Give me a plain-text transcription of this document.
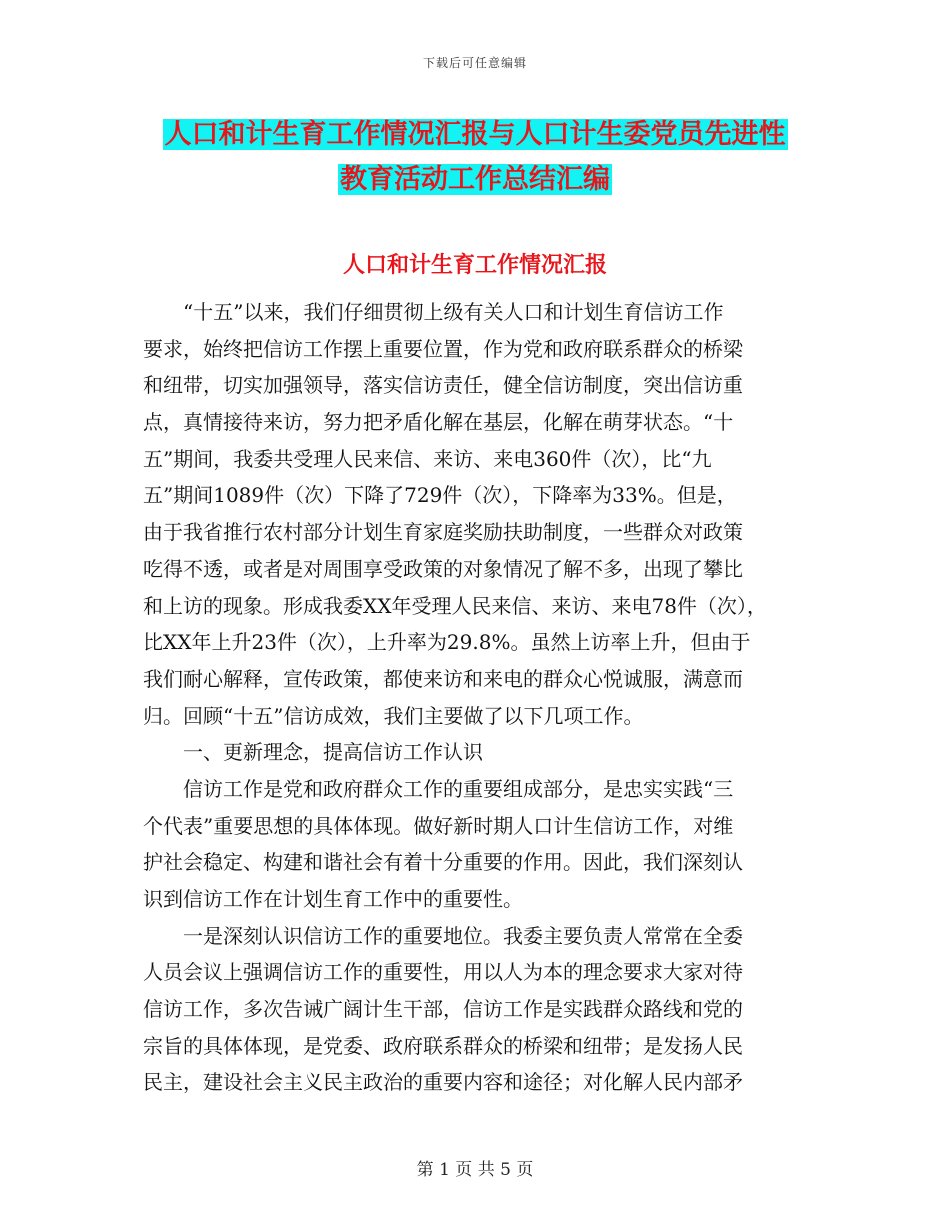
下载后可任意编辑
人口和计生育工作情况汇报与人口计生委党员先进性
教育活动工作总结汇编
人口和计生育工作情况汇报
“十五”以来，我们仔细贯彻上级有关人口和计划生育信访工作
要求，始终把信访工作摆上重要位置，作为党和政府联系群众的桥梁
和纽带，切实加强领导，落实信访责任，健全信访制度，突出信访重
点，真情接待来访，努力把矛盾化解在基层，化解在萌芽状态。“十
五”期间，我委共受理人民来信、来访、来电360件（次），比“九
五”期间1089件（次）下降了729件（次），下降率为33%。但是，
由于我省推行农村部分计划生育家庭奖励扶助制度，一些群众对政策
吃得不透，或者是对周围享受政策的对象情况了解不多，出现了攀比
和上访的现象。形成我委XX年受理人民来信、来访、来电78件（次），
比XX年上升23件（次），上升率为29.8%。虽然上访率上升，但由于
我们耐心解释，宣传政策，都使来访和来电的群众心悦诚服，满意而
归。回顾“十五”信访成效，我们主要做了以下几项工作。
一、更新理念，提高信访工作认识
信访工作是党和政府群众工作的重要组成部分，是忠实实践“三
个代表”重要思想的具体体现。做好新时期人口计生信访工作，对维
护社会稳定、构建和谐社会有着十分重要的作用。因此，我们深刻认
识到信访工作在计划生育工作中的重要性。
一是深刻认识信访工作的重要地位。我委主要负责人常常在全委
人员会议上强调信访工作的重要性，用以人为本的理念要求大家对待
信访工作，多次告诫广阔计生干部，信访工作是实践群众路线和党的
宗旨的具体体现，是党委、政府联系群众的桥梁和纽带；是发扬人民
民主，建设社会主义民主政治的重要内容和途径；对化解人民内部矛
第 1 页 共 5 页
